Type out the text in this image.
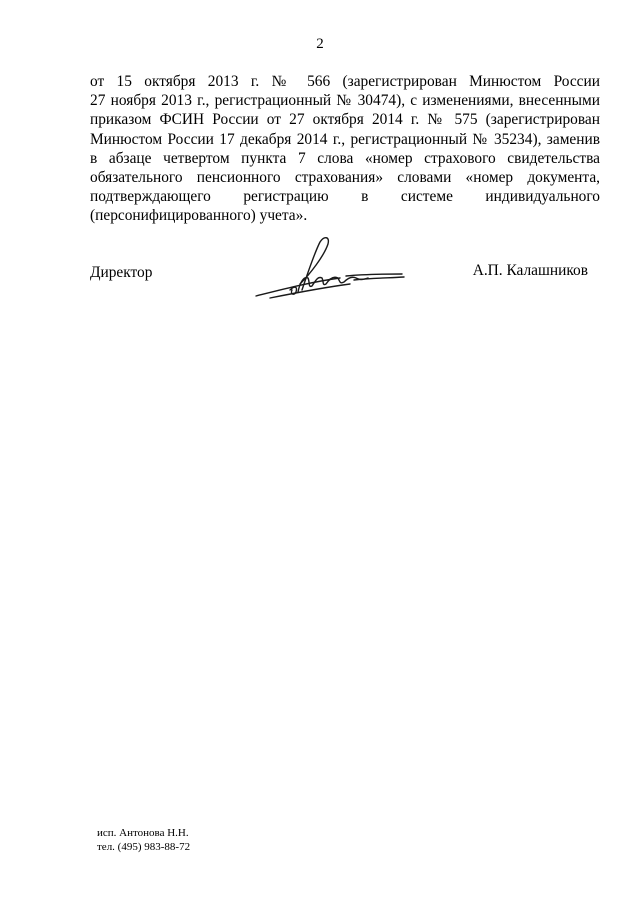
2
от 15 октября 2013 г. № 566 (зарегистрирован Минюстом России
27 ноября 2013 г., регистрационный № 30474), с изменениями, внесенными
приказом ФСИН России от 27 октября 2014 г. № 575 (зарегистрирован
Минюстом России 17 декабря 2014 г., регистрационный № 35234), заменив
в абзаце четвертом пункта 7 слова «номер страхового свидетельства
обязательного пенсионного страхования» словами «номер документа,
подтверждающего регистрацию в системе индивидуального
(персонифицированного) учета».
Директор	А.П. Калашников
исп. Антонова Н.Н.
тел. (495) 983-88-72
